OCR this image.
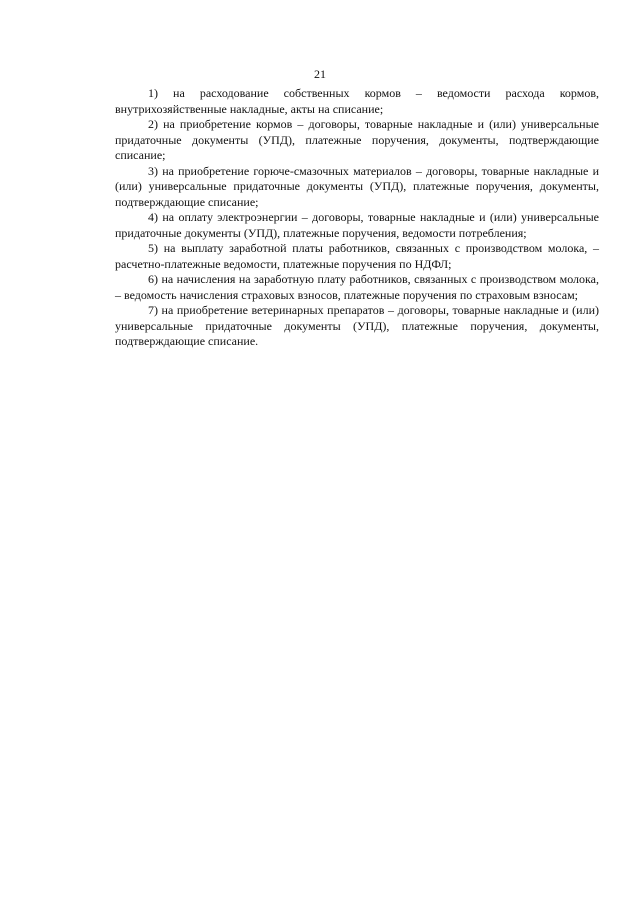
21

1) на расходование собственных кормов – ведомости расхода кормов, внутрихозяйственные накладные, акты на списание;

2) на приобретение кормов – договоры, товарные накладные и (или) универсальные придаточные документы (УПД), платежные поручения, документы, подтверждающие списание;

3) на приобретение горюче-смазочных материалов – договоры, товарные накладные и (или) универсальные придаточные документы (УПД), платежные поручения, документы, подтверждающие списание;

4) на оплату электроэнергии – договоры, товарные накладные и (или) универсальные придаточные документы (УПД), платежные поручения, ведомости потребления;

5) на выплату заработной платы работников, связанных с производством молока, – расчетно-платежные ведомости, платежные поручения по НДФЛ;

6) на начисления на заработную плату работников, связанных с производством молока, – ведомость начисления страховых взносов, платежные поручения по страховым взносам;

7) на приобретение ветеринарных препаратов – договоры, товарные накладные и (или) универсальные придаточные документы (УПД), платежные поручения, документы, подтверждающие списание.
